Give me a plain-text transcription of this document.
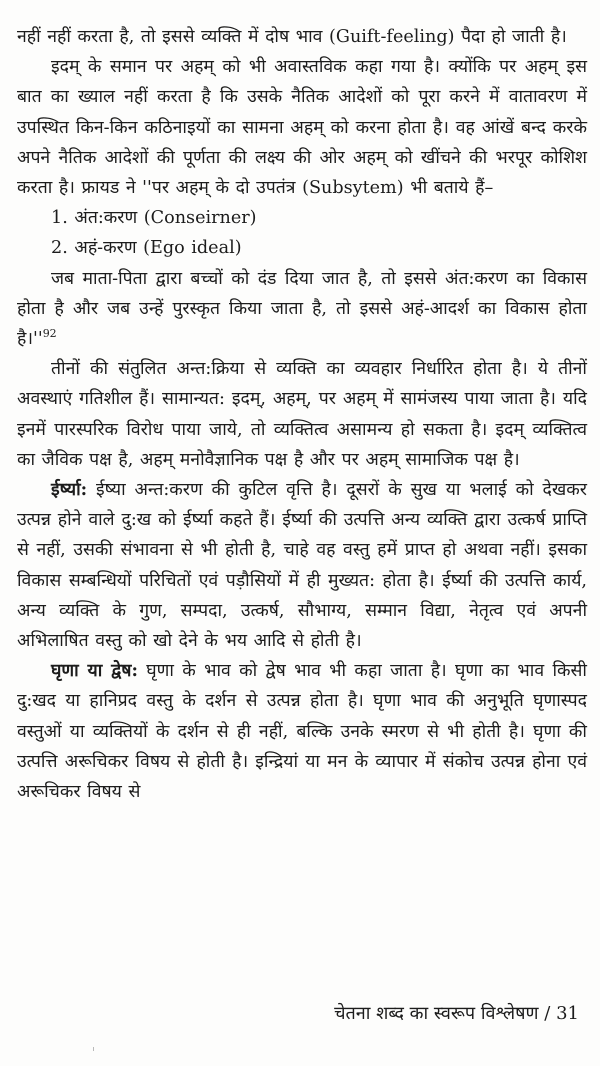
नहीं नहीं करता है, तो इससे व्यक्ति में दोष भाव (Guift-feeling) पैदा हो जाती है।

इदम् के समान पर अहम् को भी अवास्तविक कहा गया है। क्योंकि पर अहम् इस बात का ख्याल नहीं करता है कि उसके नैतिक आदेशों को पूरा करने में वातावरण में उपस्थित किन-किन कठिनाइयों का सामना अहम् को करना होता है। वह आंखें बन्द करके अपने नैतिक आदेशों की पूर्णता की लक्ष्य की ओर अहम् को खींचने की भरपूर कोशिश करता है। फ्रायड ने ''पर अहम् के दो उपतंत्र (Subsytem) भी बताये हैं–

1. अंत:करण (Conseirner)

2. अहं-करण (Ego ideal)

जब माता-पिता द्वारा बच्चों को दंड दिया जात है, तो इससे अंत:करण का विकास होता है और जब उन्हें पुरस्कृत किया जाता है, तो इससे अहं-आदर्श का विकास होता है।''$^{92}$

तीनों की संतुलित अन्त:क्रिया से व्यक्ति का व्यवहार निर्धारित होता है। ये तीनों अवस्थाएं गतिशील हैं। सामान्यत: इदम्, अहम्, पर अहम् में सामंजस्य पाया जाता है। यदि इनमें पारस्परिक विरोध पाया जाये, तो व्यक्तित्व असामन्य हो सकता है। इदम् व्यक्तित्व का जैविक पक्ष है, अहम् मनोवैज्ञानिक पक्ष है और पर अहम् सामाजिक पक्ष है।

ईर्ष्या: ईष्या अन्त:करण की कुटिल वृत्ति है। दूसरों के सुख या भलाई को देखकर उत्पन्न होने वाले दु:ख को ईर्ष्या कहते हैं। ईर्ष्या की उत्पत्ति अन्य व्यक्ति द्वारा उत्कर्ष प्राप्ति से नहीं, उसकी संभावना से भी होती है, चाहे वह वस्तु हमें प्राप्त हो अथवा नहीं। इसका विकास सम्बन्धियों परिचितों एवं पड़ौसियों में ही मुख्यत: होता है। ईर्ष्या की उत्पत्ति कार्य, अन्य व्यक्ति के गुण, सम्पदा, उत्कर्ष, सौभाग्य, सम्मान विद्या, नेतृत्व एवं अपनी अभिलाषित वस्तु को खो देने के भय आदि से होती है।

घृणा या द्वेष: घृणा के भाव को द्वेष भाव भी कहा जाता है। घृणा का भाव किसी दु:खद या हानिप्रद वस्तु के दर्शन से उत्पन्न होता है। घृणा भाव की अनुभूति घृणास्पद वस्तुओं या व्यक्तियों के दर्शन से ही नहीं, बल्कि उनके स्मरण से भी होती है। घृणा की उत्पत्ति अरूचिकर विषय से होती है। इन्द्रियां या मन के व्यापार में संकोच उत्पन्न होना एवं अरूचिकर विषय से

चेतना शब्द का स्वरूप विश्लेषण / 31
